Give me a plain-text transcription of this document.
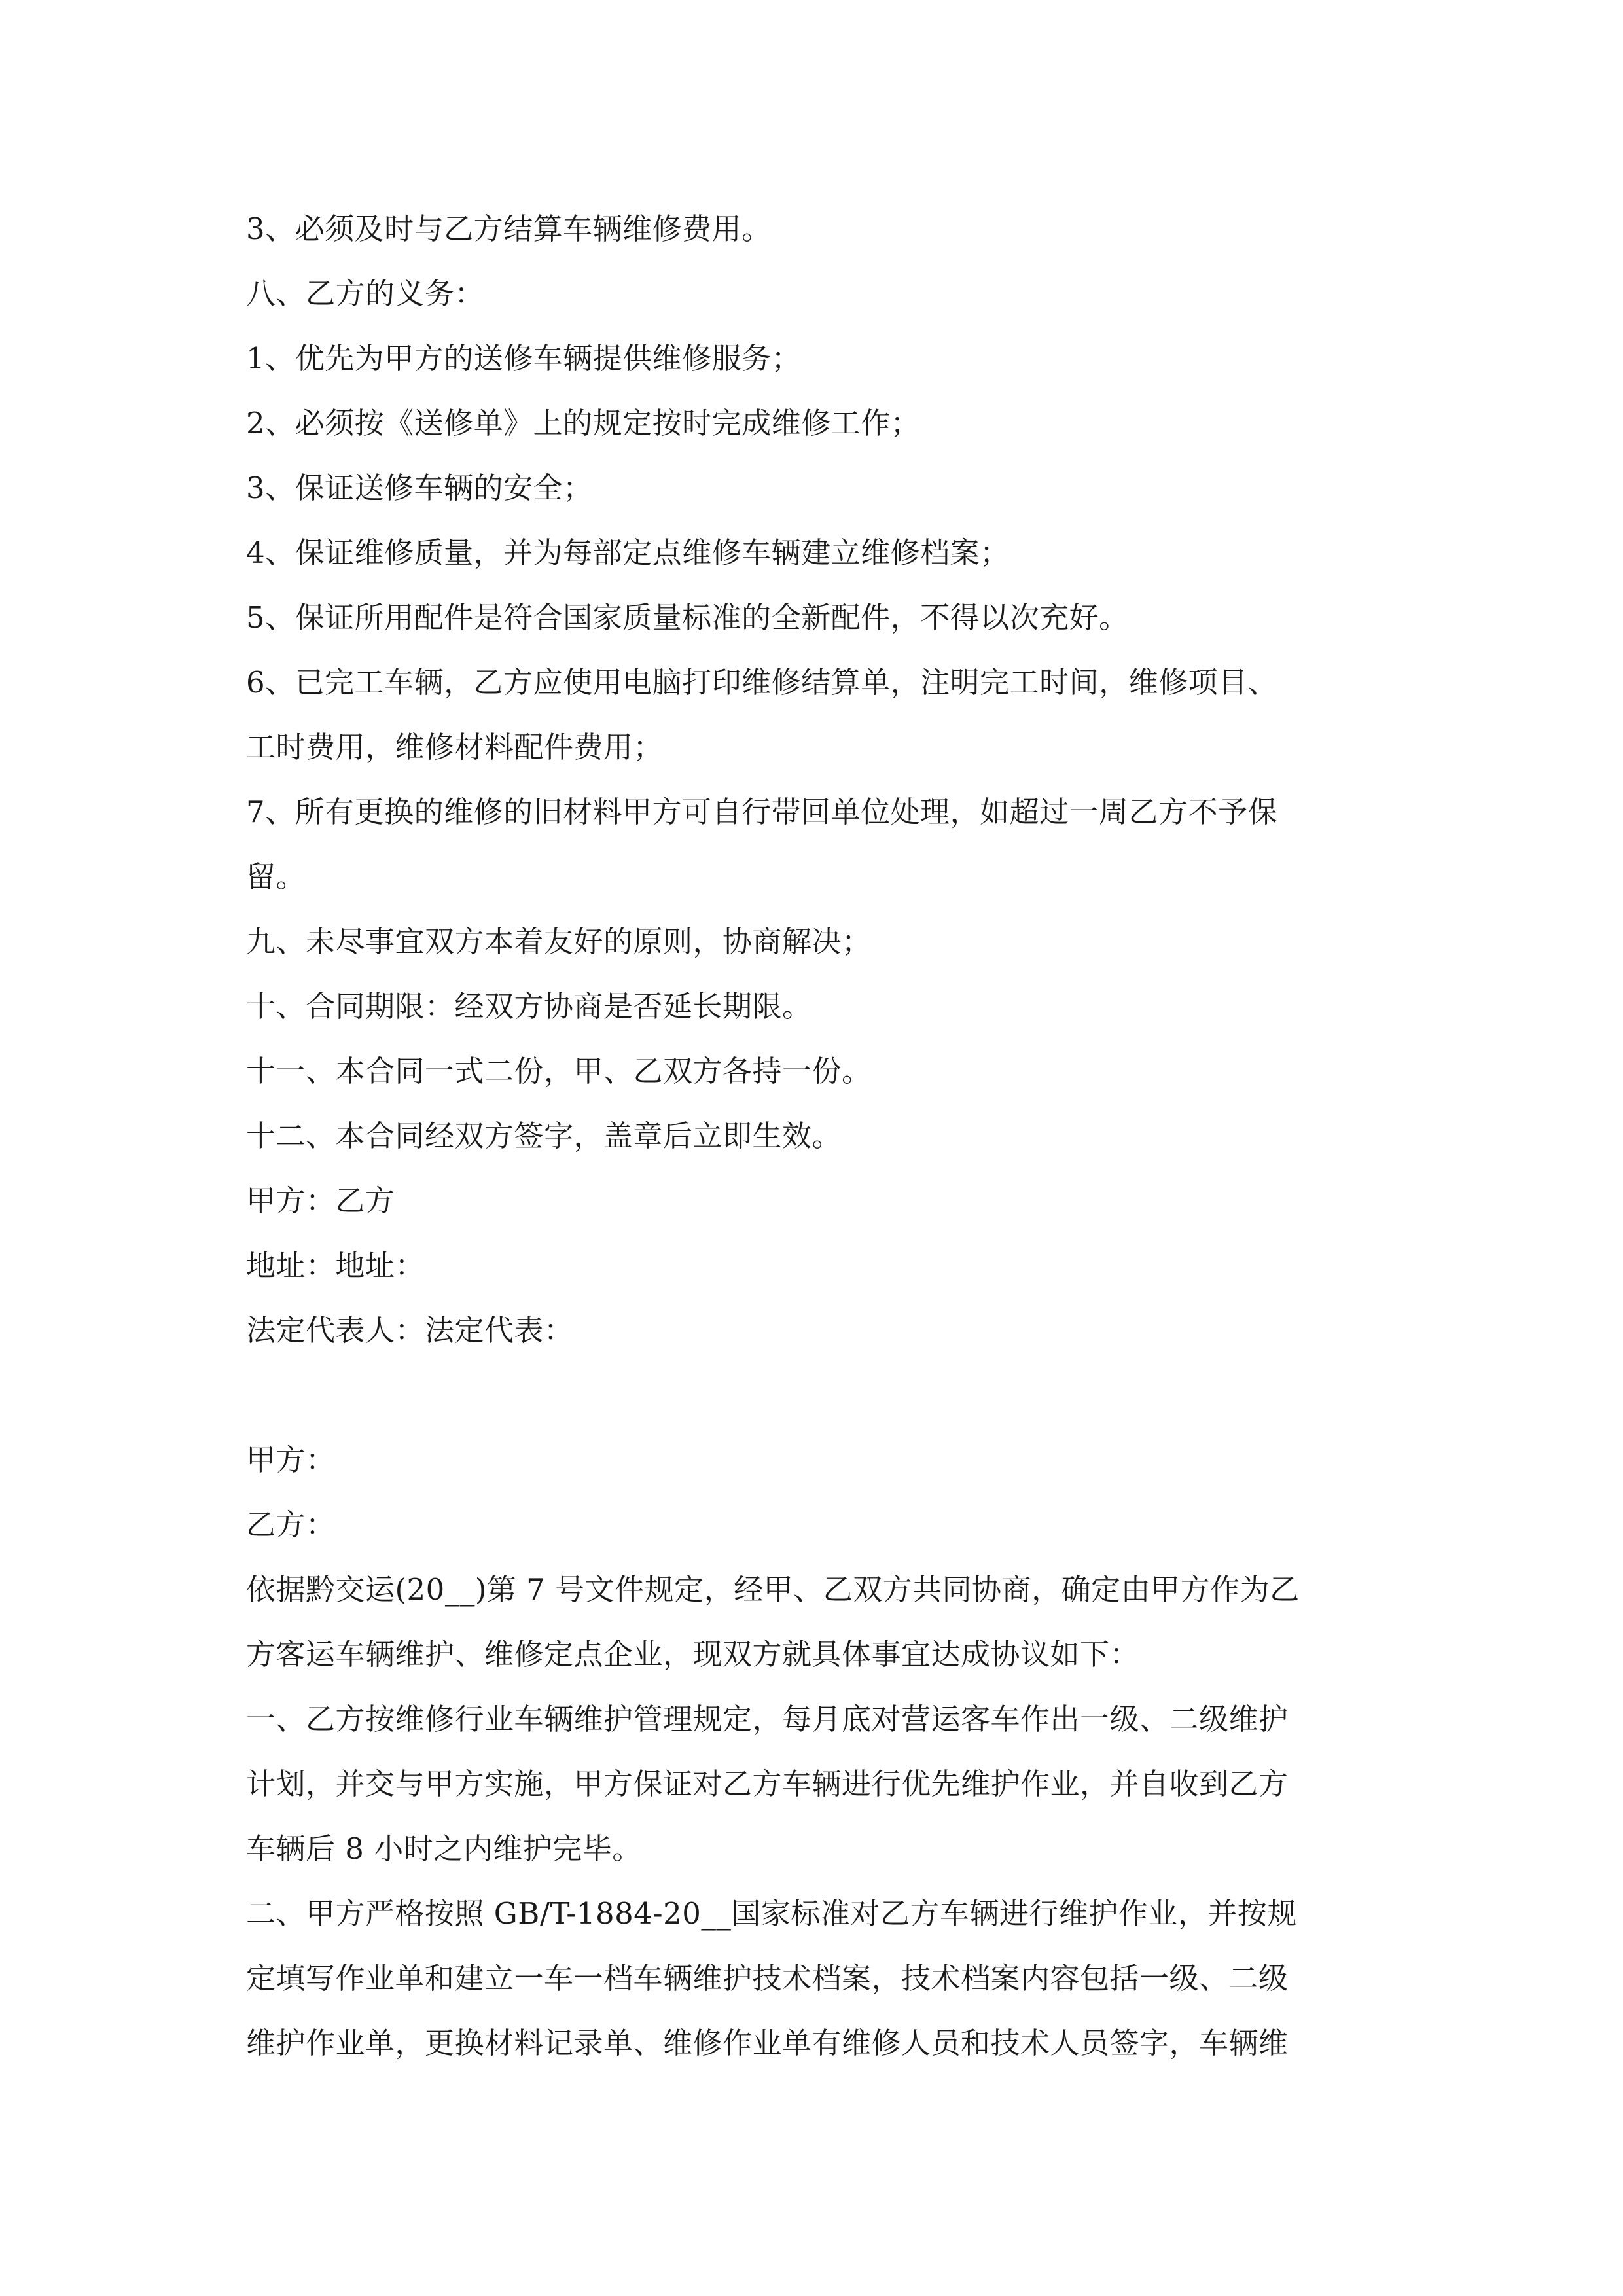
3、必须及时与乙方结算车辆维修费用。

八、乙方的义务：

1、优先为甲方的送修车辆提供维修服务；

2、必须按《送修单》上的规定按时完成维修工作；

3、保证送修车辆的安全；

4、保证维修质量，并为每部定点维修车辆建立维修档案；

5、保证所用配件是符合国家质量标准的全新配件，不得以次充好。

6、已完工车辆，乙方应使用电脑打印维修结算单，注明完工时间，维修项目、

工时费用，维修材料配件费用；

7、所有更换的维修的旧材料甲方可自行带回单位处理，如超过一周乙方不予保

留。

九、未尽事宜双方本着友好的原则，协商解决；

十、合同期限：经双方协商是否延长期限。

十一、本合同一式二份，甲、乙双方各持一份。

十二、本合同经双方签字，盖章后立即生效。

甲方：乙方

地址：地址：

法定代表人：法定代表：

甲方：

乙方：

依据黔交运(20__)第 7 号文件规定，经甲、乙双方共同协商，确定由甲方作为乙

方客运车辆维护、维修定点企业，现双方就具体事宜达成协议如下：

一、乙方按维修行业车辆维护管理规定，每月底对营运客车作出一级、二级维护

计划，并交与甲方实施，甲方保证对乙方车辆进行优先维护作业，并自收到乙方

车辆后 8 小时之内维护完毕。

二、甲方严格按照 GB/T-1884-20__国家标准对乙方车辆进行维护作业，并按规

定填写作业单和建立一车一档车辆维护技术档案，技术档案内容包括一级、二级

维护作业单，更换材料记录单、维修作业单有维修人员和技术人员签字，车辆维
